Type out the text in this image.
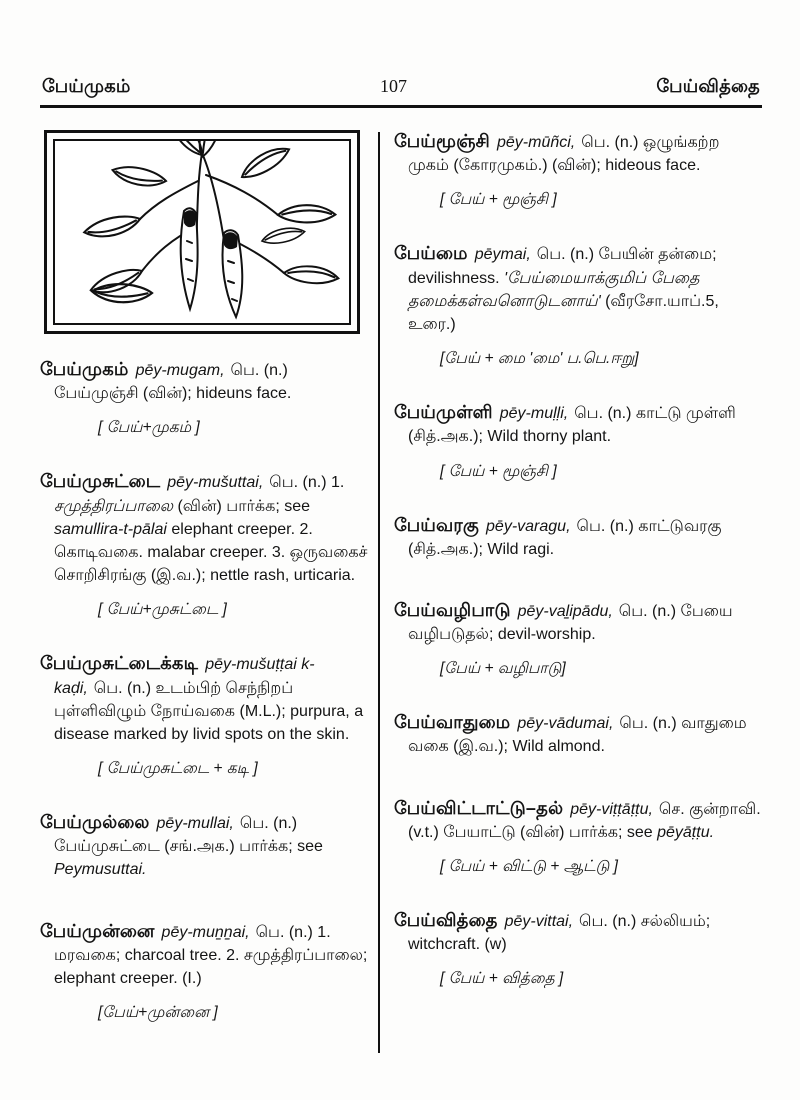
பேய்முகம்	107	பேய்வித்தை

பேய்முகம் pēy-mugam, பெ. (n.) பேய்முஞ்சி (வின்); hideuns face.

[ பேய்+முகம் ]

பேய்முசுட்டை pēy-mušuttai, பெ. (n.) 1. சமுத்திரப்பாலை (வின்) பார்க்க; see samullira-t-pālai elephant creeper. 2. கொடிவகை. malabar creeper. 3. ஒருவகைச் சொறிசிரங்கு (இ.வ.); nettle rash, urticaria.

[ பேய்+முசுட்டை ]

பேய்முசுட்டைக்கடி pēy-mušuṭṭai k-kaḍi, பெ. (n.) உடம்பிற் செந்நிறப் புள்ளிவிழும் நோய்வகை (M.L.); purpura, a disease marked by livid spots on the skin.

[ பேய்முசுட்டை + கடி ]

பேய்முல்லை pēy-mullai, பெ. (n.) பேய்முசுட்டை (சங்.அக.) பார்க்க; see Peymusuttai.

பேய்முன்னை pēy-muṉṉai, பெ. (n.) 1. மரவகை; charcoal tree. 2. சமுத்திரப்பாலை; elephant creeper. (I.)

[பேய்+முன்னை ]

பேய்மூஞ்சி pēy-mūñci, பெ. (n.) ஒழுங்கற்ற முகம் (கோரமுகம்.) (வின்); hideous face.

[ பேய் + மூஞ்சி ]

பேய்மை pēymai, பெ. (n.) பேயின் தன்மை; devilishness. 'பேய்மையாக்குமிப் பேதை தமைக்கள்வனொடுடனாய்' (வீரசோ.யாப்.5, உரை.)

[பேய் + மை 'மை' ப.பெ.ஈறு]

பேய்முள்ளி pēy-muḷḷi, பெ. (n.) காட்டு முள்ளி (சித்.அக.); Wild thorny plant.

[ பேய் + மூஞ்சி ]

பேய்வரகு pēy-varagu, பெ. (n.) காட்டுவரகு (சித்.அக.); Wild ragi.

பேய்வழிபாடு pēy-vaḻipādu, பெ. (n.) பேயை வழிபடுதல்; devil-worship.

[பேய் + வழிபாடு]

பேய்வாதுமை pēy-vādumai, பெ. (n.) வாதுமை வகை (இ.வ.); Wild almond.

பேய்விட்டாட்டு–தல் pēy-viṭṭāṭṭu, செ. குன்றாவி. (v.t.) பேயாட்டு (வின்) பார்க்க; see pēyāṭṭu.

[ பேய் + விட்டு + ஆட்டு ]

பேய்வித்தை pēy-vittai, பெ. (n.) சல்லியம்; witchcraft. (w)

[ பேய் + வித்தை ]
